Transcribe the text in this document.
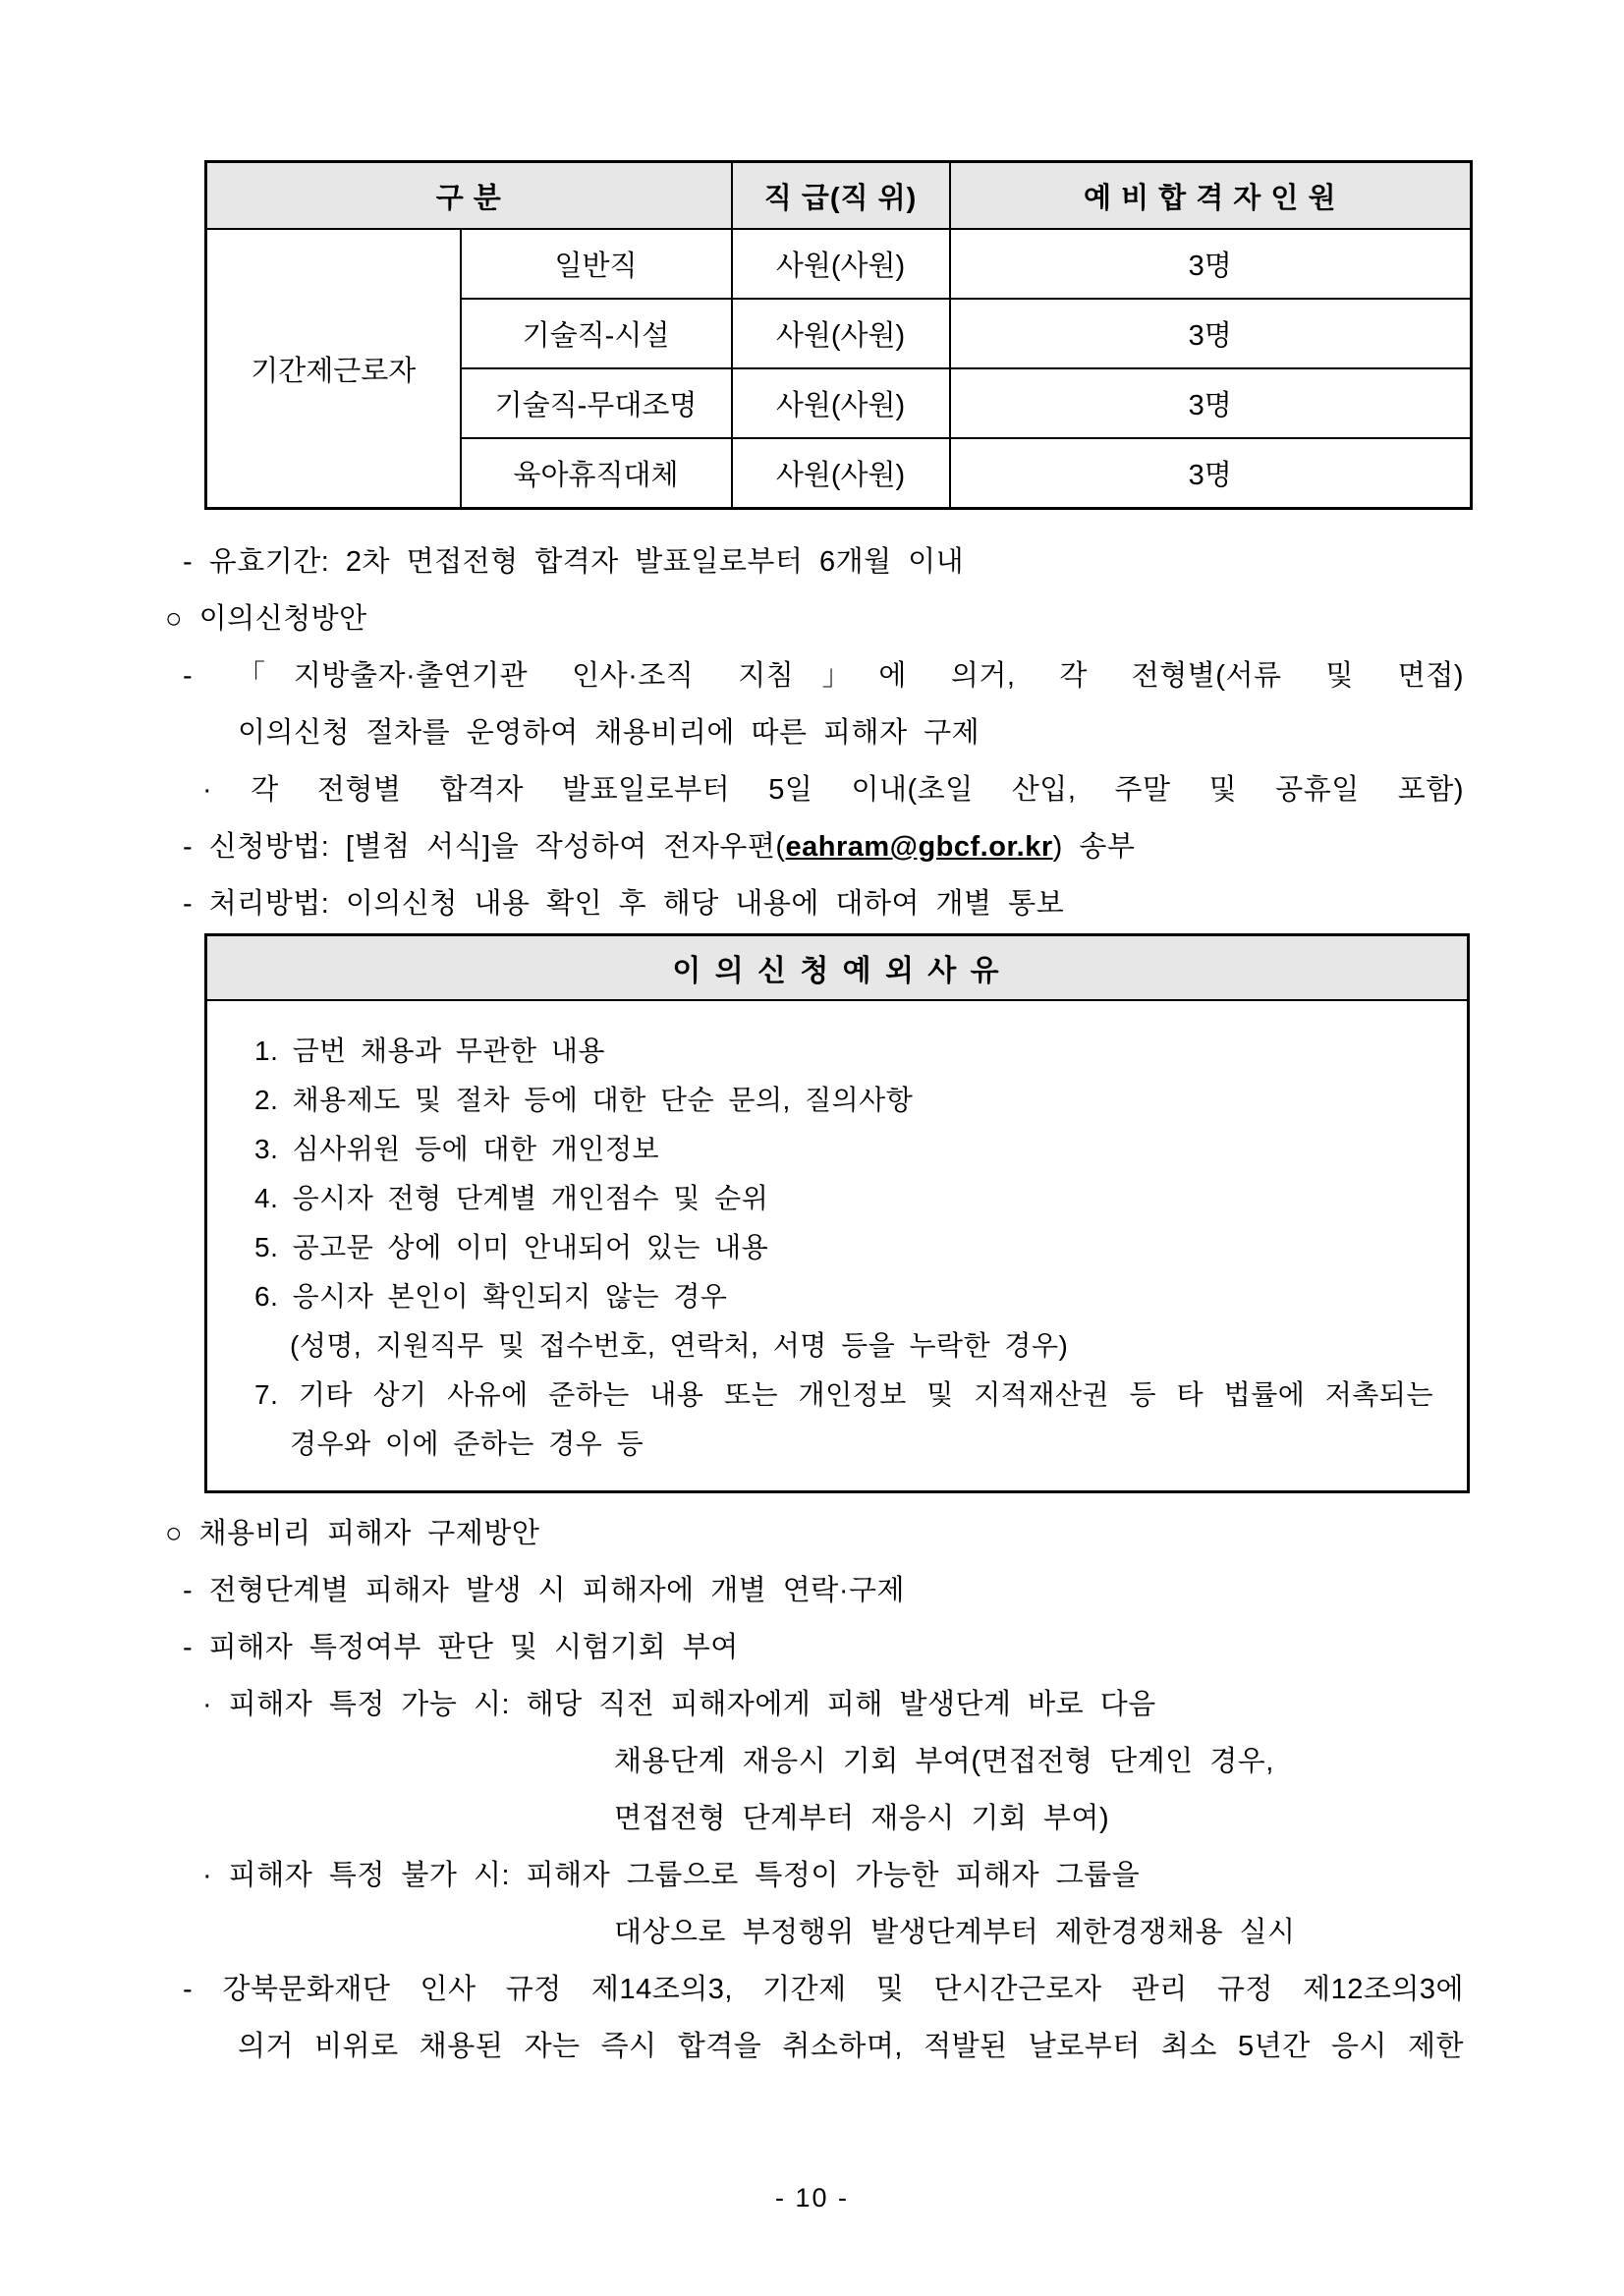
구 분		직 급(직 위)	예 비 합 격 자 인 원
기간제근로자	일반직	사원(사원)	3명
	기술직-시설	사원(사원)	3명
	기술직-무대조명	사원(사원)	3명
	육아휴직대체	사원(사원)	3명
- 유효기간: 2차 면접전형 합격자 발표일로부터 6개월 이내
○ 이의신청방안
- 「지방출자·출연기관 인사·조직 지침」에 의거, 각 전형별(서류 및 면접)
이의신청 절차를 운영하여 채용비리에 따른 피해자 구제
· 각 전형별 합격자 발표일로부터 5일 이내(초일 산입, 주말 및 공휴일 포함)
- 신청방법: [별첨 서식]을 작성하여 전자우편(eahram@gbcf.or.kr) 송부
- 처리방법: 이의신청 내용 확인 후 해당 내용에 대하여 개별 통보
이 의 신 청 예 외 사 유
1. 금번 채용과 무관한 내용
2. 채용제도 및 절차 등에 대한 단순 문의, 질의사항
3. 심사위원 등에 대한 개인정보
4. 응시자 전형 단계별 개인점수 및 순위
5. 공고문 상에 이미 안내되어 있는 내용
6. 응시자 본인이 확인되지 않는 경우
(성명, 지원직무 및 접수번호, 연락처, 서명 등을 누락한 경우)
7. 기타 상기 사유에 준하는 내용 또는 개인정보 및 지적재산권 등 타 법률에 저촉되는
경우와 이에 준하는 경우 등
○ 채용비리 피해자 구제방안
- 전형단계별 피해자 발생 시 피해자에 개별 연락·구제
- 피해자 특정여부 판단 및 시험기회 부여
· 피해자 특정 가능 시: 해당 직전 피해자에게 피해 발생단계 바로 다음
채용단계 재응시 기회 부여(면접전형 단계인 경우,
면접전형 단계부터 재응시 기회 부여)
· 피해자 특정 불가 시: 피해자 그룹으로 특정이 가능한 피해자 그룹을
대상으로 부정행위 발생단계부터 제한경쟁채용 실시
- 강북문화재단 인사 규정 제14조의3, 기간제 및 단시간근로자 관리 규정 제12조의3에
의거 비위로 채용된 자는 즉시 합격을 취소하며, 적발된 날로부터 최소 5년간 응시 제한
- 10 -
